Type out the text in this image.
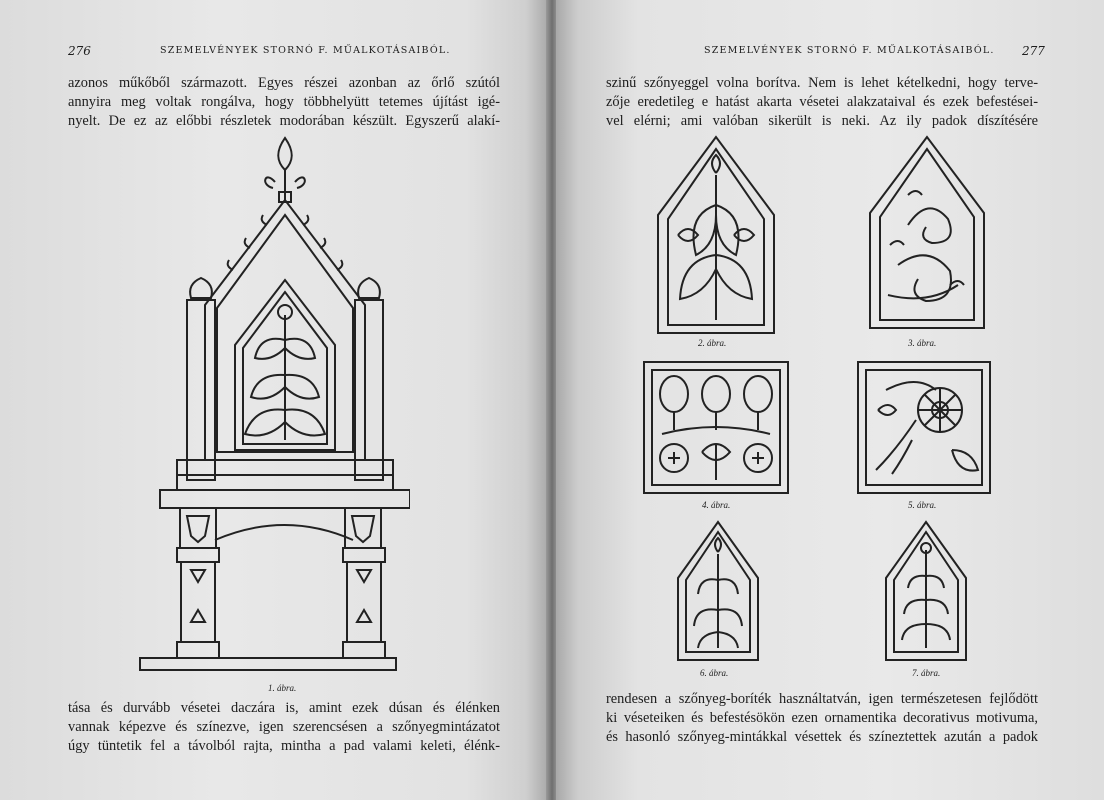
276	SZEMELVÉNYEK STORNÓ F. MŰALKOTÁSAIBÓL.
azonos műkőből származott. Egyes részei azonban az őrlő szútól
annyira meg voltak rongálva, hogy többhelyütt tetemes újítást igé-
nyelt. De ez az előbbi részletek modorában készült. Egyszerű alakí-
1. ábra.
tása és durvább vésetei daczára is, amint ezek dúsan és élénken
vannak képezve és színezve, igen szerencsésen a szőnyegmintázatot
úgy tüntetik fel a távolból rajta, mintha a pad valami keleti, élénk-
SZEMELVÉNYEK STORNÓ F. MŰALKOTÁSAIBÓL. 277
szinű szőnyeggel volna borítva. Nem is lehet kételkedni, hogy terve-
zője eredetileg e hatást akarta vésetei alakzataival és ezek befestései-
vel elérni; ami valóban sikerült is neki. Az ily padok díszítésére
2. ábra.	3. ábra.
4. ábra.	5. ábra.
6. ábra.	7. ábra.
rendesen a szőnyeg-boríték használtatván, igen természetesen fejlődött
ki véseteiken és befestésökön ezen ornamentika decorativus motivuma,
és hasonló szőnyeg-mintákkal vésettek és színeztettek azután a padok
